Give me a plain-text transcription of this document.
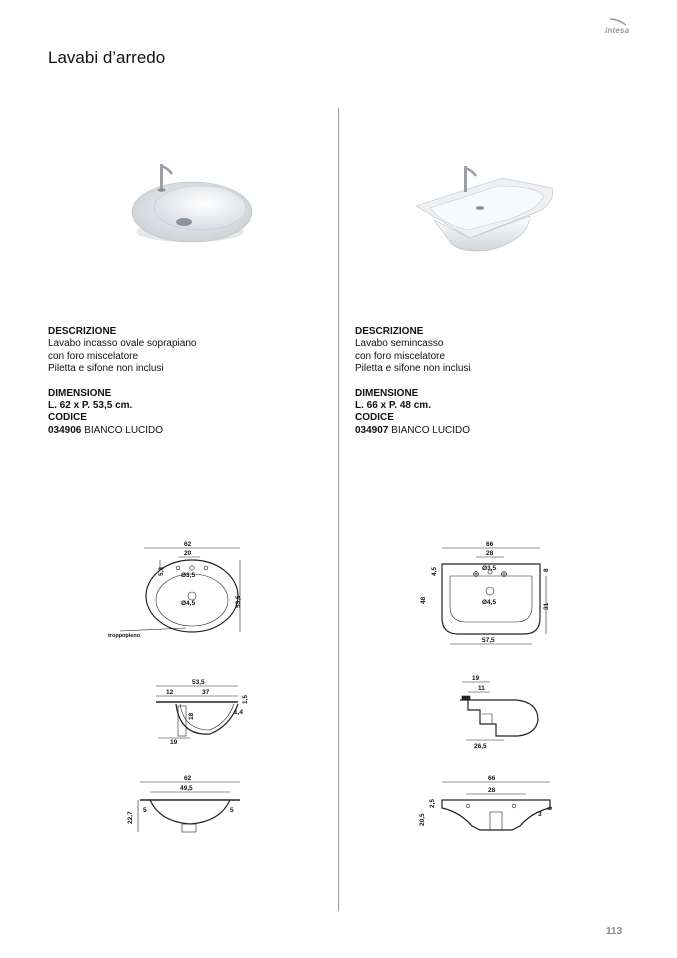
intesa
Lavabi d’arredo
DESCRIZIONE
Lavabo incasso ovale soprapiano
con foro miscelatore
Piletta e sifone non inclusi
DIMENSIONE
L. 62 x P. 53,5 cm.
CODICE
034906 BIANCO LUCIDO
DESCRIZIONE
Lavabo semincasso
con foro miscelatore
Piletta e sifone non inclusi
DIMENSIONE
L. 66 x P. 48 cm.
CODICE
034907 BIANCO LUCIDO
62
20
Ø3,5
Ø4,5
5,3
53,5
troppopieno
53,5
12	37
1,5
1,4
18
19
62
49,5
22,7
5	5
66
28
Ø3,5
Ø4,5
4,5
48
8
31
57,5
19
11
26,5
66
28
20,5
2,5
6
3
113
